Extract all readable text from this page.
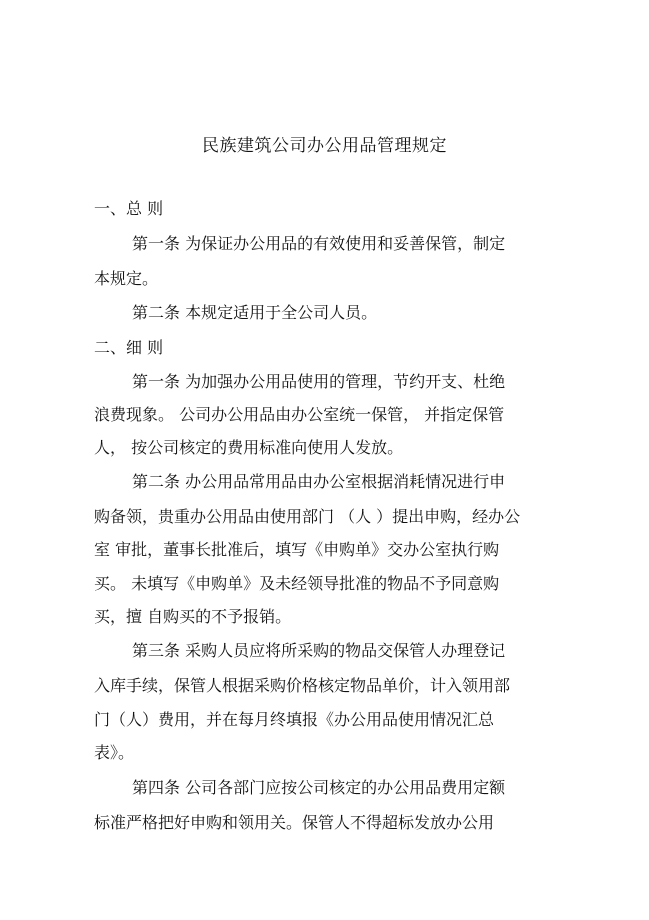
民族建筑公司办公用品管理规定
一、总 则
第一条 为保证办公用品的有效使用和妥善保管，制定
本规定。
第二条 本规定适用于全公司人员。
二、细 则
第一条 为加强办公用品使用的管理，节约开支、杜绝
浪费现象。 公司办公用品由办公室统一保管， 并指定保管
人， 按公司核定的费用标准向使用人发放。
第二条 办公用品常用品由办公室根据消耗情况进行申
购备领，贵重办公用品由使用部门 （人 ）提出申购，经办公
室 审批，董事长批准后，填写《申购单》交办公室执行购
买。 未填写《申购单》及未经领导批准的物品不予同意购
买，擅 自购买的不予报销。
第三条 采购人员应将所采购的物品交保管人办理登记
入库手续，保管人根据采购价格核定物品单价，计入领用部
门（人）费用，并在每月终填报《办公用品使用情况汇总
表》。
第四条 公司各部门应按公司核定的办公用品费用定额
标准严格把好申购和领用关。保管人不得超标发放办公用
